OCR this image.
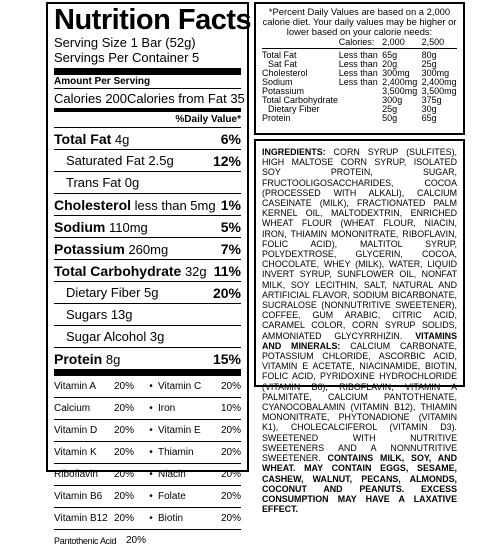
Nutrition Facts
Serving Size 1 Bar (52g)
Servings Per Container 5
Amount Per Serving
Calories 200 Calories from Fat 35
%Daily Value*
Total Fat 4g	6%
Saturated Fat 2.5g	12%
Trans Fat 0g
Cholesterol less than 5mg 1%
Sodium 110mg	5%
Potassium 260mg	7%
Total Carbohydrate 32g 11%
Dietary Fiber 5g	20%
Sugars 13g
Sugar Alcohol 3g
Protein 8g	15%
Vitamin A	20%	• Vitamin C	20%
Calcium	20%	• Iron	10%
Vitamin D	20%	• Vitamin E	20%
Vitamin K	20%	• Thiamin	20%
Riboflavin	20%	• Niacin	20%
Vitamin B6	20%	• Folate	20%
Vitamin B12 20%	• Biotin	20%
Pantothenic Acid 20%
*Percent Daily Values are based on a 2,000 calorie diet. Your daily values may be higher or lower based on your calorie needs:
	Calories:	2,000	2,500
Total Fat	Less than	65g	80g
Sat Fat	Less than	20g	25g
Cholesterol	Less than	300mg	300mg
Sodium	Less than	2,400mg	2,400mg
Potassium		3,500mg	3,500mg
Total Carbohydrate		300g	375g
Dietary Fiber		25g	30g
Protein		50g	65g
INGREDIENTS: CORN SYRUP (SULFITES), HIGH MALTOSE CORN SYRUP, ISOLATED SOY PROTEIN, SUGAR, FRUCTOOLIGOSACCHARIDES, COCOA (PROCESSED WITH ALKALI), CALCIUM CASEINATE (MILK), FRACTIONATED PALM KERNEL OIL, MALTODEXTRIN, ENRICHED WHEAT FLOUR (WHEAT FLOUR, NIACIN, IRON, THIAMIN MONONITRATE, RIBOFLAVIN, FOLIC ACID), MALTITOL SYRUP, POLYDEXTROSE, GLYCERIN, COCOA, CHOCOLATE, WHEY (MILK), WATER, LIQUID INVERT SYRUP, SUNFLOWER OIL, NONFAT MILK, SOY LECITHIN, SALT, NATURAL AND ARTIFICIAL FLAVOR, SODIUM BICARBONATE, SUCRALOSE (NONNUTRITIVE SWEETENER), COFFEE, GUM ARABIC, CITRIC ACID, CARAMEL COLOR, CORN SYRUP SOLIDS, AMMONIATED GLYCYRRHIZIN. VITAMINS AND MINERALS: CALCIUM CARBONATE, POTASSIUM CHLORIDE, ASCORBIC ACID, VITAMIN E ACETATE, NIACINAMIDE, BIOTIN, FOLIC ACID, PYRIDOXINE HYDROCHLORIDE (VITAMIN B6), RIBOFLAVIN, VITAMIN A PALMITATE, CALCIUM PANTOTHENATE, CYANOCOBALAMIN (VITAMIN B12), THIAMIN MONONITRATE, PHYTONADIONE (VITAMIN K1), CHOLECALCIFEROL (VITAMIN D3). SWEETENED WITH NUTRITIVE SWEETENERS AND A NONNUTRITIVE SWEETENER. CONTAINS MILK, SOY, AND WHEAT. MAY CONTAIN EGGS, SESAME, CASHEW, WALNUT, PECANS, ALMONDS, COCONUT AND PEANUTS. EXCESS CONSUMPTION MAY HAVE A LAXATIVE EFFECT.
